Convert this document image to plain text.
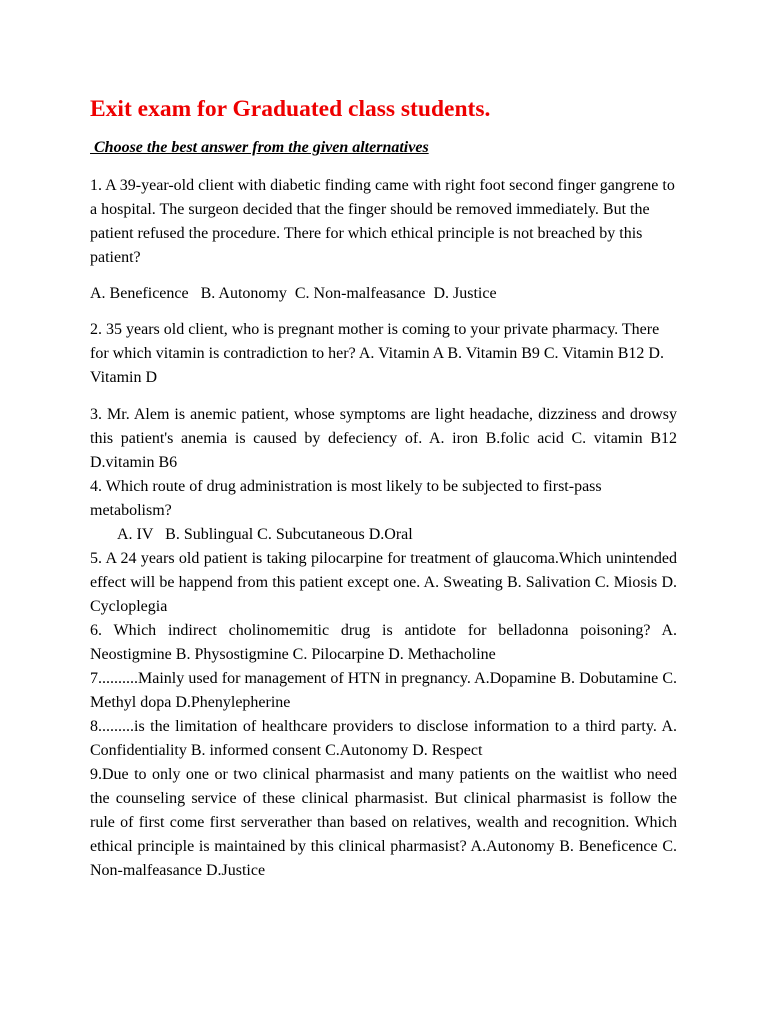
Exit exam for Graduated class students.
Choose the best answer from the given alternatives

1. A 39-year-old client with diabetic finding came with right foot second finger gangrene to a hospital. The surgeon decided that the finger should be removed immediately. But the patient refused the procedure. There for which ethical principle is not breached by this patient?

A. Beneficence   B. Autonomy  C. Non-malfeasance  D. Justice

2. 35 years old client, who is pregnant mother is coming to your private pharmacy. There for which vitamin is contradiction to her? A. Vitamin A B. Vitamin B9 C. Vitamin B12 D. Vitamin D

3. Mr. Alem is anemic patient, whose symptoms are light headache, dizziness and drowsy this patient's anemia is caused by defeciency of. A. iron B.folic acid C. vitamin B12 D.vitamin B6

4. Which route of drug administration is most likely to be subjected to first-pass metabolism?

A. IV   B. Sublingual C. Subcutaneous D.Oral

5. A 24 years old patient is taking pilocarpine for treatment of glaucoma.Which unintended effect will be happend from this patient except one. A. Sweating B. Salivation C. Miosis D. Cycloplegia

6. Which indirect cholinomemitic drug is antidote for belladonna poisoning? A. Neostigmine B. Physostigmine C. Pilocarpine D. Methacholine

7..........Mainly used for management of HTN in pregnancy. A.Dopamine B. Dobutamine C. Methyl dopa D.Phenylepherine

8.........is the limitation of healthcare providers to disclose information to a third party. A. Confidentiality B. informed consent C.Autonomy D. Respect

9.Due to only one or two clinical pharmasist and many patients on the waitlist who need the counseling service of these clinical pharmasist. But clinical pharmasist is follow the rule of first come first serverather than based on relatives, wealth and recognition. Which ethical principle is maintained by this clinical pharmasist? A.Autonomy B. Beneficence C. Non-malfeasance D.Justice
